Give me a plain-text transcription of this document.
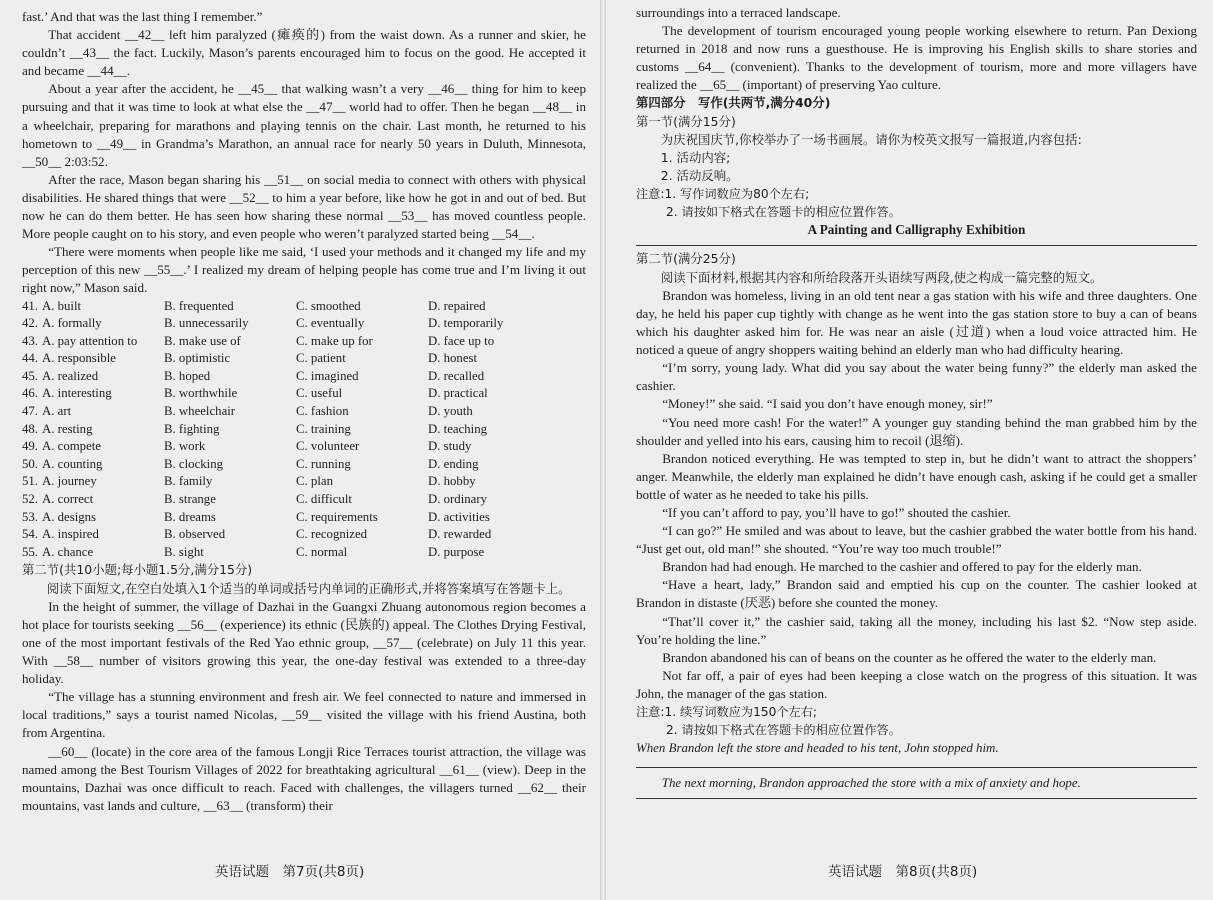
fast.’ And that was the last thing I remember.”

That accident __42__ left him paralyzed (瘫痪的) from the waist down. As a runner and skier, he couldn’t __43__ the fact. Luckily, Mason’s parents encouraged him to focus on the good. He accepted it and became __44__.

About a year after the accident, he __45__ that walking wasn’t a very __46__ thing for him to keep pursuing and that it was time to look at what else the __47__ world had to offer. Then he began __48__ in a wheelchair, preparing for marathons and playing tennis on the chair. Last month, he returned to his hometown to __49__ in Grandma’s Marathon, an annual race for nearly 50 years in Duluth, Minnesota, __50__ 2:03:52.

After the race, Mason began sharing his __51__ on social media to connect with others with physical disabilities. He shared things that were __52__ to him a year before, like how he got in and out of bed. But now he can do them better. He has seen how sharing these normal __53__ has moved countless people. More people caught on to his story, and even people who weren’t paralyzed started being __54__.

“There were moments when people like me said, ‘I used your methods and it changed my life and my perception of this new __55__.’ I realized my dream of helping people has come true and I’m living it out right now,” Mason said.

41. A. built	B. frequented	C. smoothed	D. repaired
42. A. formally	B. unnecessarily	C. eventually	D. temporarily
43. A. pay attention to	B. make use of	C. make up for	D. face up to
44. A. responsible	B. optimistic	C. patient	D. honest
45. A. realized	B. hoped	C. imagined	D. recalled
46. A. interesting	B. worthwhile	C. useful	D. practical
47. A. art	B. wheelchair	C. fashion	D. youth
48. A. resting	B. fighting	C. training	D. teaching
49. A. compete	B. work	C. volunteer	D. study
50. A. counting	B. clocking	C. running	D. ending
51. A. journey	B. family	C. plan	D. hobby
52. A. correct	B. strange	C. difficult	D. ordinary
53. A. designs	B. dreams	C. requirements	D. activities
54. A. inspired	B. observed	C. recognized	D. rewarded
55. A. chance	B. sight	C. normal	D. purpose
第二节(共10小题;每小题1.5分,满分15分)
阅读下面短文,在空白处填入1个适当的单词或括号内单词的正确形式,并将答案填写在答题卡上。

In the height of summer, the village of Dazhai in the Guangxi Zhuang autonomous region becomes a hot place for tourists seeking __56__ (experience) its ethnic (民族的) appeal. The Clothes Drying Festival, one of the most important festivals of the Red Yao ethnic group, __57__ (celebrate) on July 11 this year. With __58__ number of visitors growing this year, the one-day festival was extended to a three-day holiday.

“The village has a stunning environment and fresh air. We feel connected to nature and immersed in local traditions,” says a tourist named Nicolas, __59__ visited the village with his friend Austina, both from Argentina.

__60__ (locate) in the core area of the famous Longji Rice Terraces tourist attraction, the village was named among the Best Tourism Villages of 2022 for breathtaking agricultural __61__ (view). Deep in the mountains, Dazhai was once difficult to reach. Faced with challenges, the villagers turned __62__ their mountains, vast lands and culture, __63__ (transform) their

英语试题　第7页(共8页)

surroundings into a terraced landscape.

The development of tourism encouraged young people working elsewhere to return. Pan Dexiong returned in 2018 and now runs a guesthouse. He is improving his English skills to share stories and customs __64__ (convenient). Thanks to the development of tourism, more and more villagers have realized the __65__ (important) of preserving Yao culture.

第四部分　写作(共两节,满分40分)
第一节(满分15分)
为庆祝国庆节,你校举办了一场书画展。请你为校英文报写一篇报道,内容包括:
1. 活动内容;
2. 活动反响。
注意:1. 写作词数应为80个左右;
2. 请按如下格式在答题卡的相应位置作答。
A Painting and Calligraphy Exhibition
第二节(满分25分)
阅读下面材料,根据其内容和所给段落开头语续写两段,使之构成一篇完整的短文。

Brandon was homeless, living in an old tent near a gas station with his wife and three daughters. One day, he held his paper cup tightly with change as he went into the gas station store to buy a can of beans which his daughter asked him for. He was near an aisle (过道) when a loud voice attracted him. He noticed a queue of angry shoppers waiting behind an elderly man who had difficulty hearing.

“I’m sorry, young lady. What did you say about the water being funny?” the elderly man asked the cashier.

“Money!” she said. “I said you don’t have enough money, sir!”

“You need more cash! For the water!” A younger guy standing behind the man grabbed him by the shoulder and yelled into his ears, causing him to recoil (退缩).

Brandon noticed everything. He was tempted to step in, but he didn’t want to attract the shoppers’ anger. Meanwhile, the elderly man explained he didn’t have enough cash, asking if he could get a smaller bottle of water as he needed to take his pills.

“If you can’t afford to pay, you’ll have to go!” shouted the cashier.

“I can go?” He smiled and was about to leave, but the cashier grabbed the water bottle from his hand. “Just get out, old man!” she shouted. “You’re way too much trouble!”

Brandon had had enough. He marched to the cashier and offered to pay for the elderly man.

“Have a heart, lady,” Brandon said and emptied his cup on the counter. The cashier looked at Brandon in distaste (厌恶) before she counted the money.

“That’ll cover it,” the cashier said, taking all the money, including his last $2. “Now step aside. You’re holding the line.”

Brandon abandoned his can of beans on the counter as he offered the water to the elderly man.

Not far off, a pair of eyes had been keeping a close watch on the progress of this situation. It was John, the manager of the gas station.

注意:1. 续写词数应为150个左右;
2. 请按如下格式在答题卡的相应位置作答。
When Brandon left the store and headed to his tent, John stopped him.
The next morning, Brandon approached the store with a mix of anxiety and hope.
英语试题　第8页(共8页)
